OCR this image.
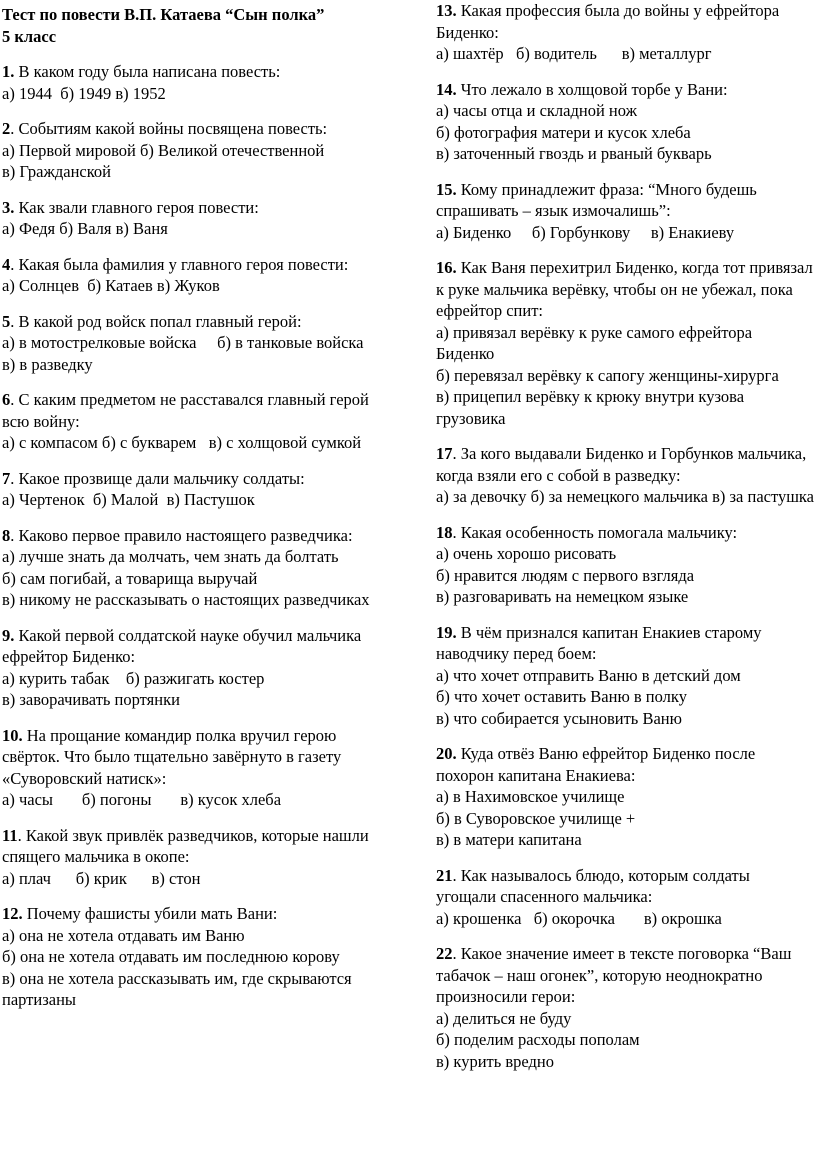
Тест по повести В.П. Катаева “Сын полка”
5 класс
1. В каком году была написана повесть:
а) 1944  б) 1949 в) 1952
2. Событиям какой войны посвящена повесть:
а) Первой мировой б) Великой отечественной
в) Гражданской
3. Как звали главного героя повести:
а) Федя б) Валя в) Ваня
4. Какая была фамилия у главного героя повести:
а) Солнцев  б) Катаев в) Жуков
5. В какой род войск попал главный герой:
а) в мотострелковые войска     б) в танковые войска      в) в разведку
6. С каким предметом не расставался главный герой всю войну:
а) с компасом б) с букварем   в) с холщовой сумкой
7. Какое прозвище дали мальчику солдаты:
а) Чертенок  б) Малой  в) Пастушок
8. Каково первое правило настоящего разведчика:
а) лучше знать да молчать, чем знать да болтать
б) сам погибай, а товарища выручай
в) никому не рассказывать о настоящих разведчиках
9. Какой первой солдатской науке обучил мальчика ефрейтор Биденко:
а) курить табак    б) разжигать костер
в) заворачивать портянки
10. На прощание командир полка вручил герою свёрток. Что было тщательно завёрнуто в газету «Суворовский натиск»:
а) часы       б) погоны       в) кусок хлеба
11. Какой звук привлёк разведчиков, которые нашли спящего мальчика в окопе:
а) плач      б) крик      в) стон
12. Почему фашисты убили мать Вани:
а) она не хотела отдавать им Ваню
б) она не хотела отдавать им последнюю корову
в) она не хотела рассказывать им, где скрываются партизаны
13. Какая профессия была до войны у ефрейтора Биденко:
а) шахтёр   б) водитель      в) металлург
14. Что лежало в холщовой торбе у Вани:
а) часы отца и складной нож
б) фотография матери и кусок хлеба
в) заточенный гвоздь и рваный букварь
15. Кому принадлежит фраза: “Много будешь спрашивать – язык измочалишь”:
а) Биденко     б) Горбункову     в) Енакиеву
16. Как Ваня перехитрил Биденко, когда тот привязал к руке мальчика верёвку, чтобы он не убежал, пока ефрейтор спит:
а) привязал верёвку к руке самого ефрейтора Биденко
б) перевязал верёвку к сапогу женщины-хирурга
в) прицепил верёвку к крюку внутри кузова грузовика
17. За кого выдавали Биденко и Горбунков мальчика, когда взяли его с собой в разведку:
а) за девочку б) за немецкого мальчика в) за пастушка
18. Какая особенность помогала мальчику:
а) очень хорошо рисовать
б) нравится людям с первого взгляда
в) разговаривать на немецком языке
19. В чём признался капитан Енакиев старому наводчику перед боем:
а) что хочет отправить Ваню в детский дом
б) что хочет оставить Ваню в полку
в) что собирается усыновить Ваню
20. Куда отвёз Ваню ефрейтор Биденко после похорон капитана Енакиева:
а) в Нахимовское училище
б) в Суворовское училище +
в) в матери капитана
21. Как называлось блюдо, которым солдаты угощали спасенного мальчика:
а) крошенка   б) окорочка       в) окрошка
22. Какое значение имеет в тексте поговорка “Ваш табачок – наш огонек”, которую неоднократно произносили герои:
а) делиться не буду
б) поделим расходы пополам
в) курить вредно
